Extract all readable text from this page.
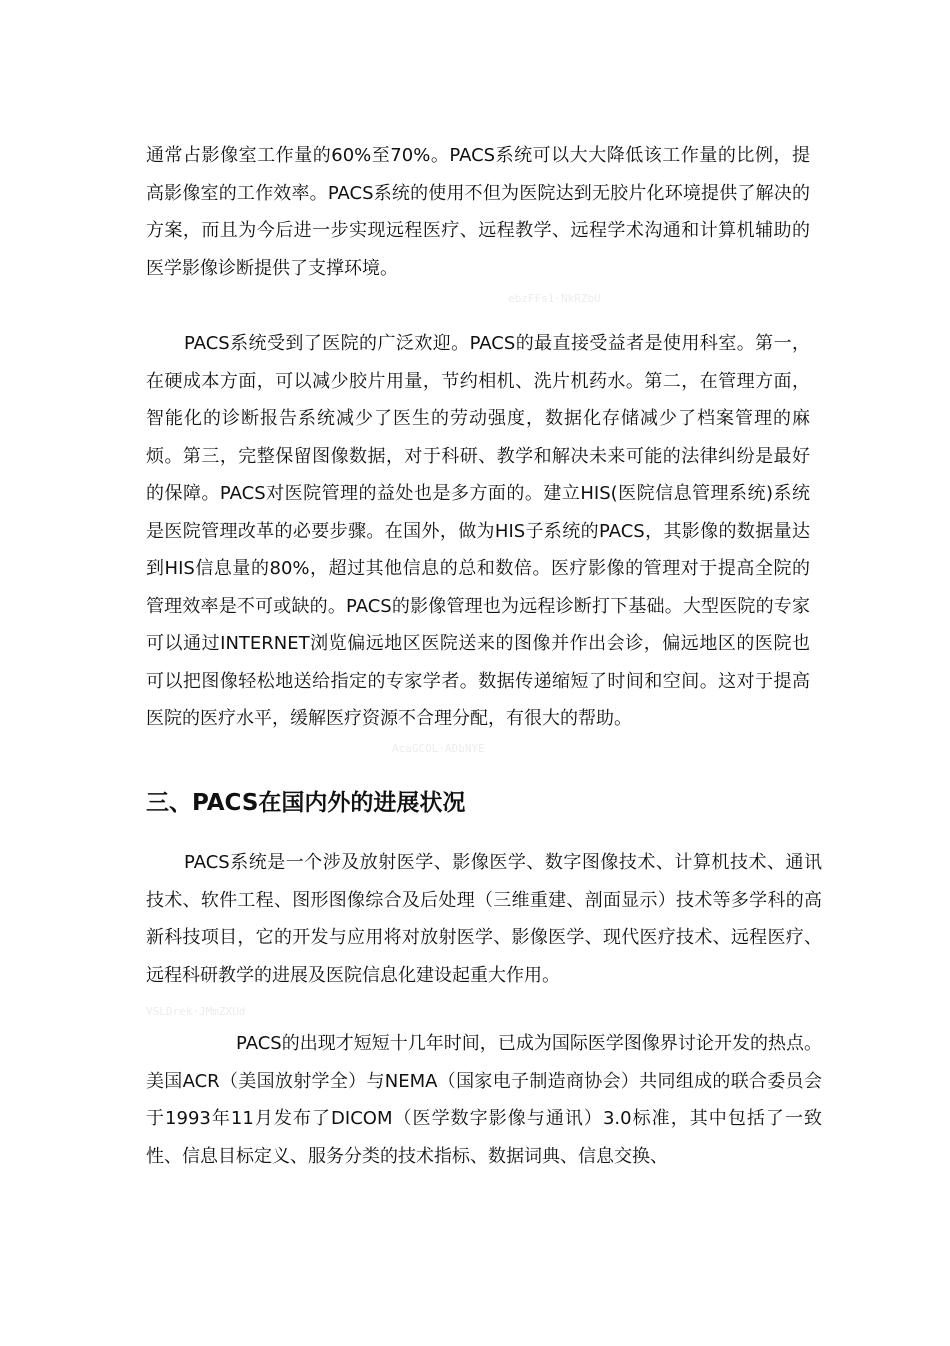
通常占影像室工作量的60%至70%。PACS系统可以大大降低该工作量的比例，提高影像室的工作效率。PACS系统的使用不但为医院达到无胶片化环境提供了解决的方案，而且为今后进一步实现远程医疗、远程教学、远程学术沟通和计算机辅助的医学影像诊断提供了支撑环境。

ebzFFs1·NkRZbU

PACS系统受到了医院的广泛欢迎。PACS的最直接受益者是使用科室。第一，在硬成本方面，可以减少胶片用量，节约相机、洗片机药水。第二，在管理方面，智能化的诊断报告系统减少了医生的劳动强度，数据化存储减少了档案管理的麻烦。第三，完整保留图像数据，对于科研、教学和解决未来可能的法律纠纷是最好的保障。PACS对医院管理的益处也是多方面的。建立HIS(医院信息管理系统)系统是医院管理改革的必要步骤。在国外，做为HIS子系统的PACS，其影像的数据量达到HIS信息量的80%，超过其他信息的总和数倍。医疗影像的管理对于提高全院的管理效率是不可或缺的。PACS的影像管理也为远程诊断打下基础。大型医院的专家可以通过INTERNET浏览偏远地区医院送来的图像并作出会诊，偏远地区的医院也可以把图像轻松地送给指定的专家学者。数据传递缩短了时间和空间。这对于提高医院的医疗水平，缓解医疗资源不合理分配，有很大的帮助。

AcaGCOL·ADbNYE
三、PACS在国内外的进展状况

PACS系统是一个涉及放射医学、影像医学、数字图像技术、计算机技术、通讯技术、软件工程、图形图像综合及后处理（三维重建、剖面显示）技术等多学科的高新科技项目，它的开发与应用将对放射医学、影像医学、现代医疗技术、远程医疗、远程科研教学的进展及医院信息化建设起重大作用。

VSLDrek·JMmZXUd

PACS的出现才短短十几年时间，已成为国际医学图像界讨论开发的热点。美国ACR（美国放射学全）与NEMA（国家电子制造商协会）共同组成的联合委员会于1993年11月发布了DICOM（医学数字影像与通讯）3.0标准，其中包括了一致性、信息目标定义、服务分类的技术指标、数据词典、信息交换、
